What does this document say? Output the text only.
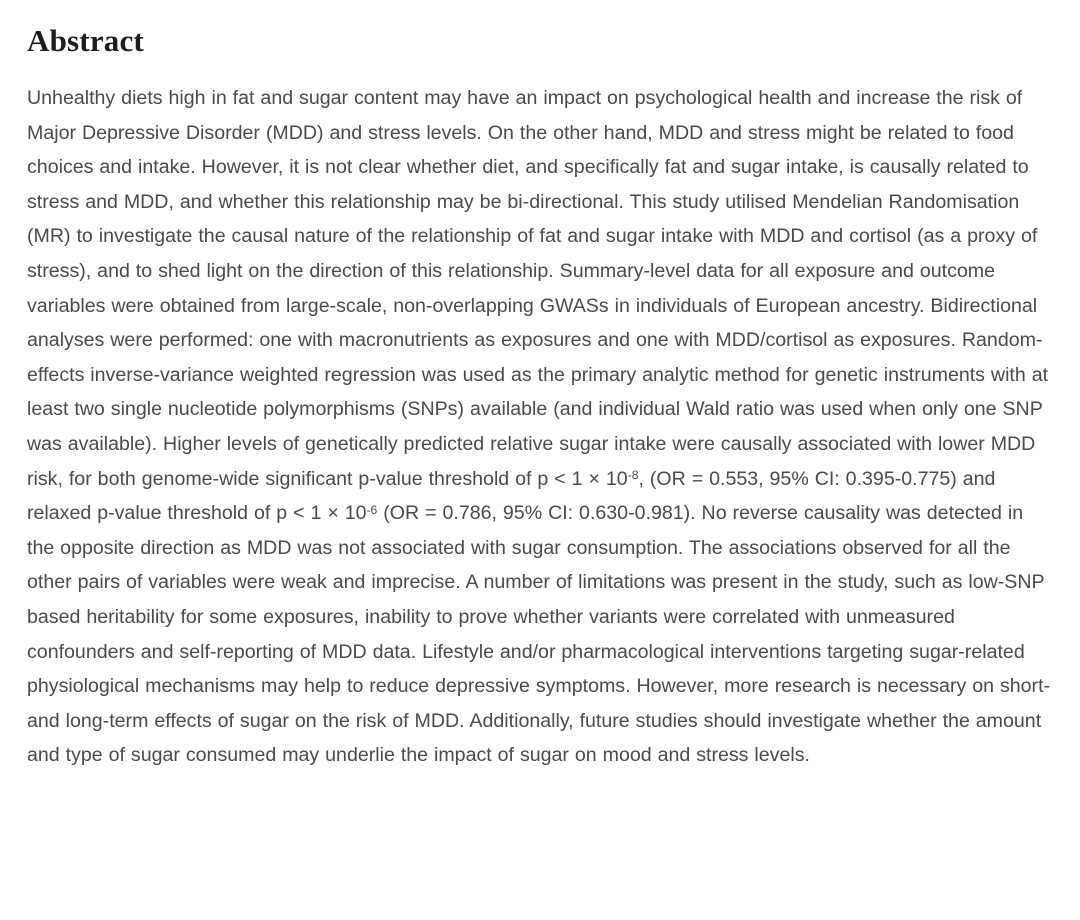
Abstract

Unhealthy diets high in fat and sugar content may have an impact on psychological health and increase the risk of Major Depressive Disorder (MDD) and stress levels. On the other hand, MDD and stress might be related to food choices and intake. However, it is not clear whether diet, and specifically fat and sugar intake, is causally related to stress and MDD, and whether this relationship may be bi-directional. This study utilised Mendelian Randomisation (MR) to investigate the causal nature of the relationship of fat and sugar intake with MDD and cortisol (as a proxy of stress), and to shed light on the direction of this relationship. Summary-level data for all exposure and outcome variables were obtained from large-scale, non-overlapping GWASs in individuals of European ancestry. Bidirectional analyses were performed: one with macronutrients as exposures and one with MDD/cortisol as exposures. Random-effects inverse-variance weighted regression was used as the primary analytic method for genetic instruments with at least two single nucleotide polymorphisms (SNPs) available (and individual Wald ratio was used when only one SNP was available). Higher levels of genetically predicted relative sugar intake were causally associated with lower MDD risk, for both genome-wide significant p-value threshold of $p < 1 \times 10^{-8}$, (OR = 0.553, 95% CI: 0.395-0.775) and relaxed p-value threshold of $p < 1 \times 10^{-6}$ (OR = 0.786, 95% CI: 0.630-0.981). No reverse causality was detected in the opposite direction as MDD was not associated with sugar consumption. The associations observed for all the other pairs of variables were weak and imprecise. A number of limitations was present in the study, such as low-SNP based heritability for some exposures, inability to prove whether variants were correlated with unmeasured confounders and self-reporting of MDD data. Lifestyle and/or pharmacological interventions targeting sugar-related physiological mechanisms may help to reduce depressive symptoms. However, more research is necessary on short- and long-term effects of sugar on the risk of MDD. Additionally, future studies should investigate whether the amount and type of sugar consumed may underlie the impact of sugar on mood and stress levels.
